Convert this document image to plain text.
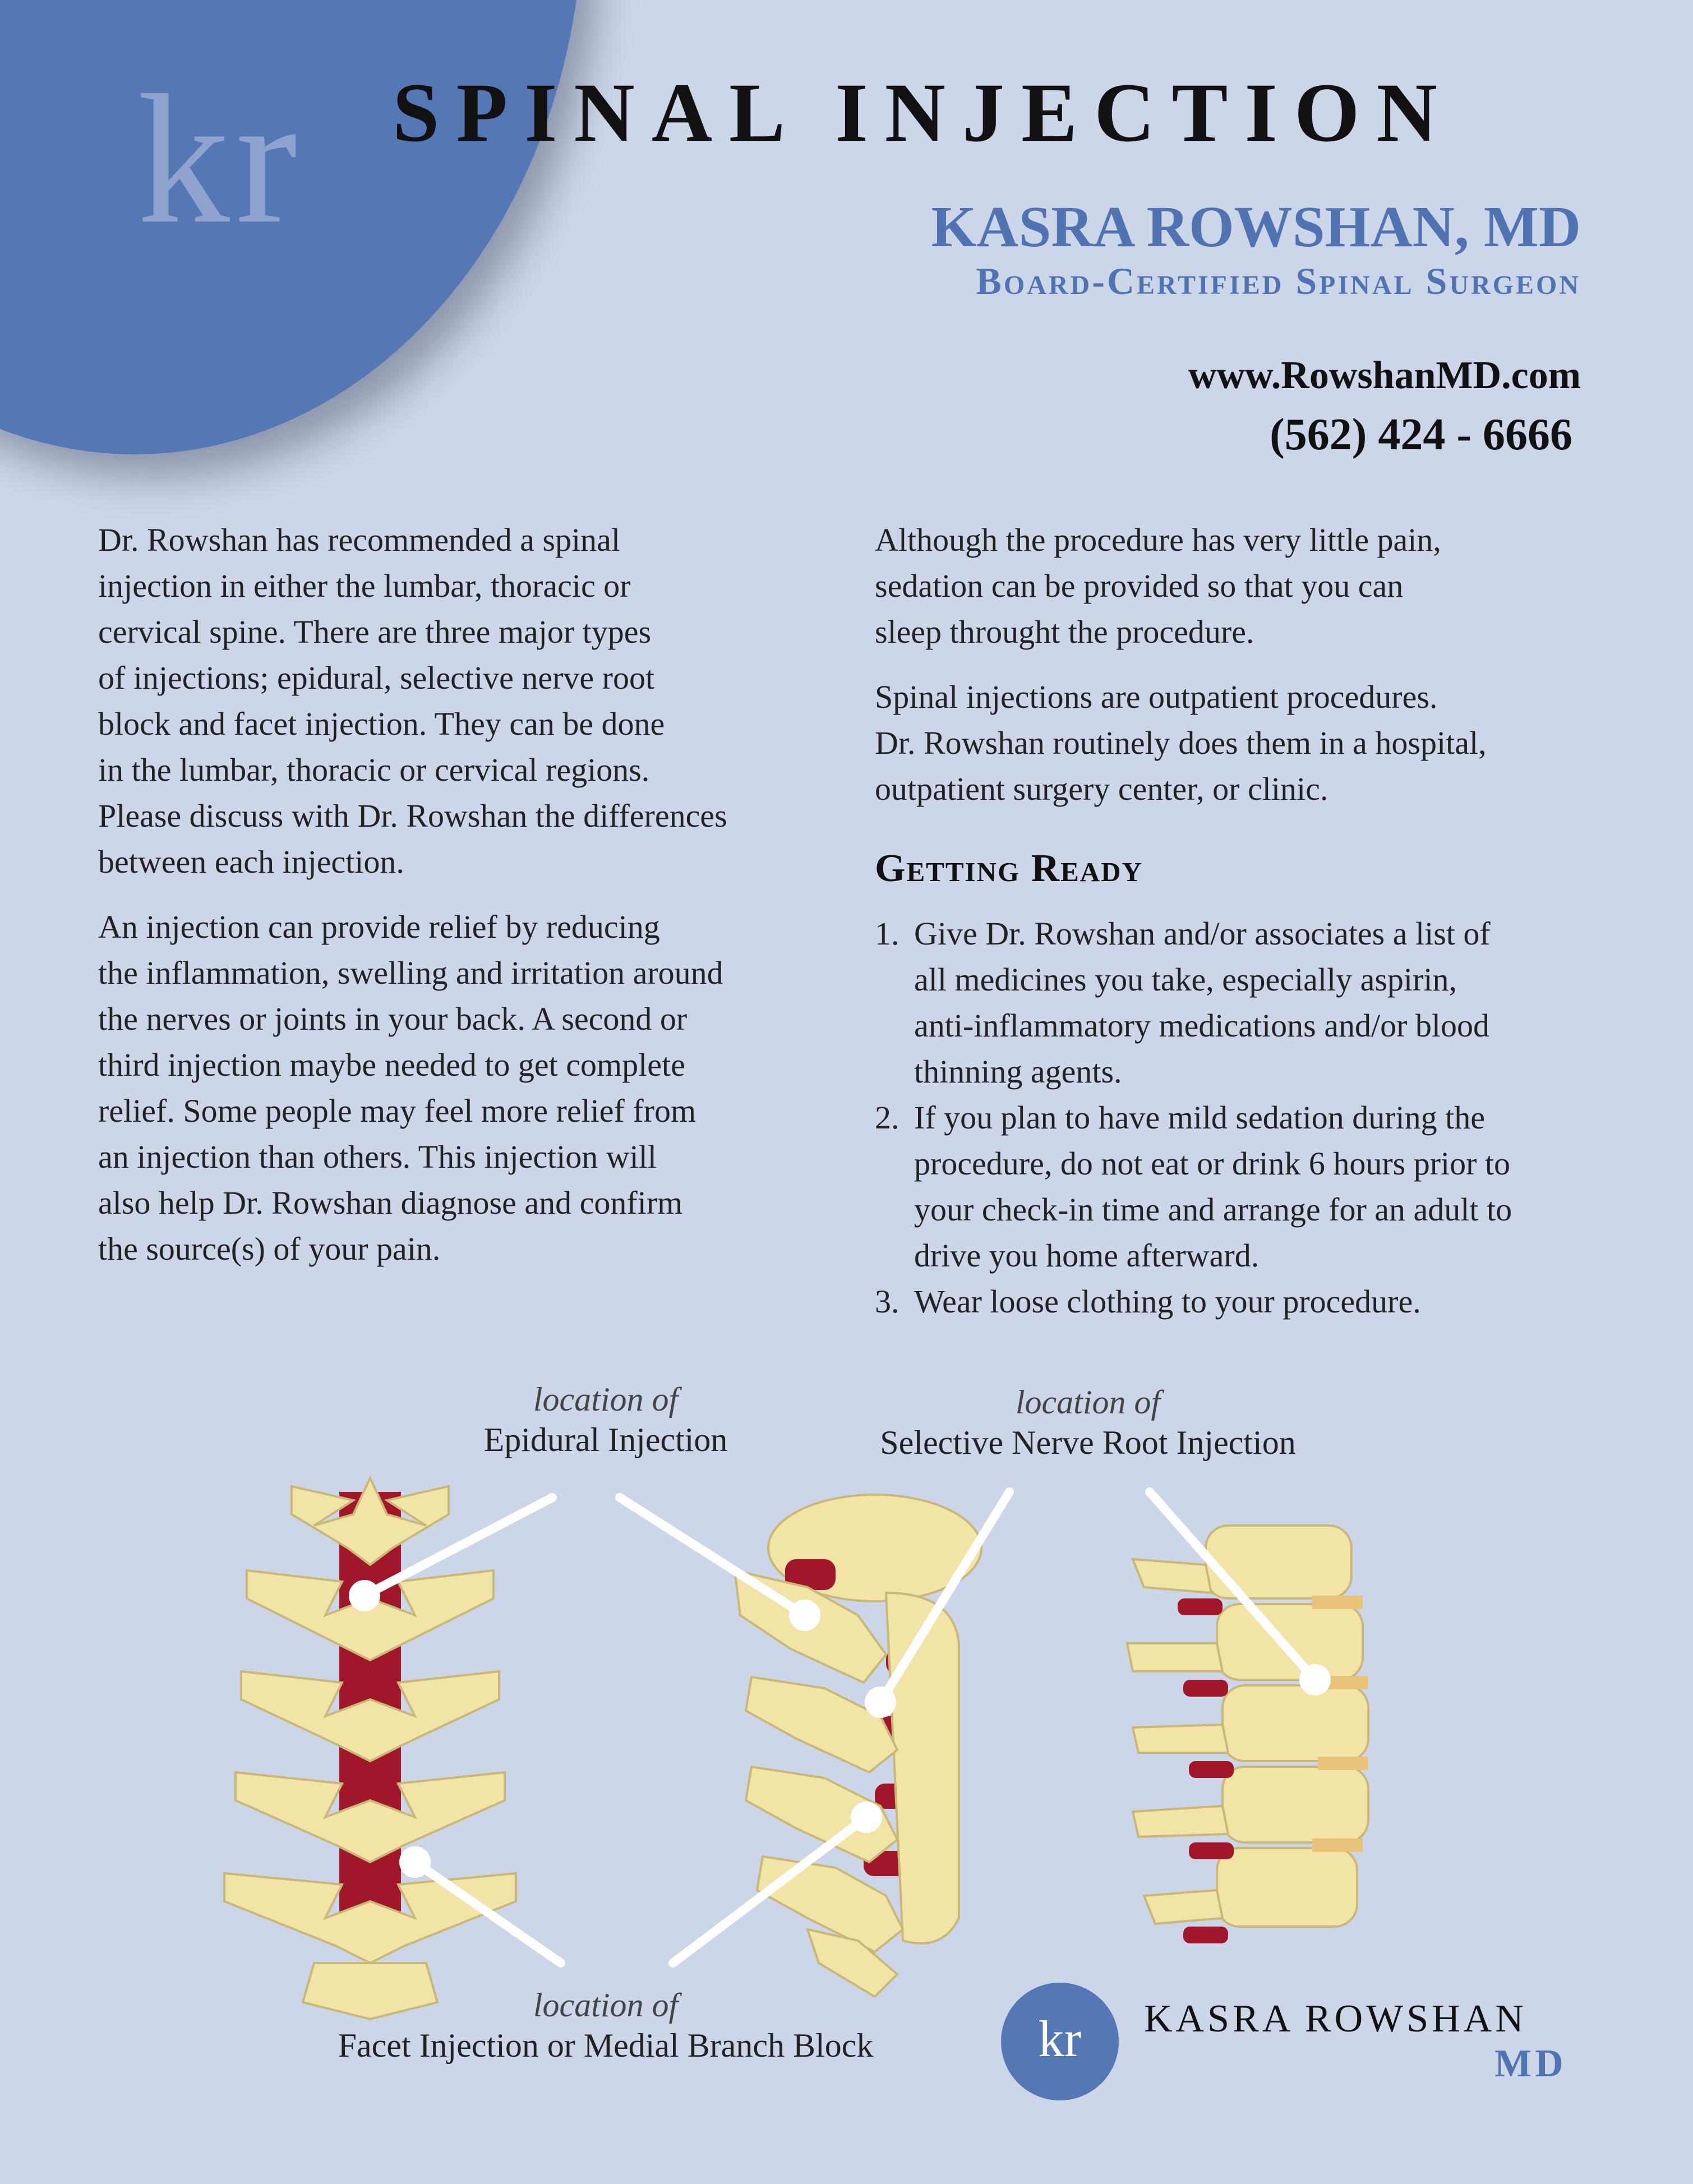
kr SPINAL INJECTION
KASRA ROWSHAN, MD
Board-Certified Spinal Surgeon
www.RowshanMD.com
(562) 424 - 6666

Dr. Rowshan has recommended a spinal
injection in either the lumbar, thoracic or
cervical spine. There are three major types
of injections; epidural, selective nerve root
block and facet injection. They can be done
in the lumbar, thoracic or cervical regions.
Please discuss with Dr. Rowshan the differences
between each injection.

An injection can provide relief by reducing
the inflammation, swelling and irritation around
the nerves or joints in your back. A second or
third injection maybe needed to get complete
relief. Some people may feel more relief from
an injection than others. This injection will
also help Dr. Rowshan diagnose and confirm
the source(s) of your pain.

Although the procedure has very little pain,
sedation can be provided so that you can
sleep throught the procedure.

Spinal injections are outpatient procedures.
Dr. Rowshan routinely does them in a hospital,
outpatient surgery center, or clinic.

Getting Ready
1. Give Dr. Rowshan and/or associates a list of
all medicines you take, especially aspirin,
anti-inflammatory medications and/or blood
thinning agents.
2. If you plan to have mild sedation during the
procedure, do not eat or drink 6 hours prior to
your check-in time and arrange for an adult to
drive you home afterward.
3. Wear loose clothing to your procedure.
location of
Epidural Injection
location of
Selective Nerve Root Injection
location of
Facet Injection or Medial Branch Block	kr	KASRA ROWSHAN
MD
